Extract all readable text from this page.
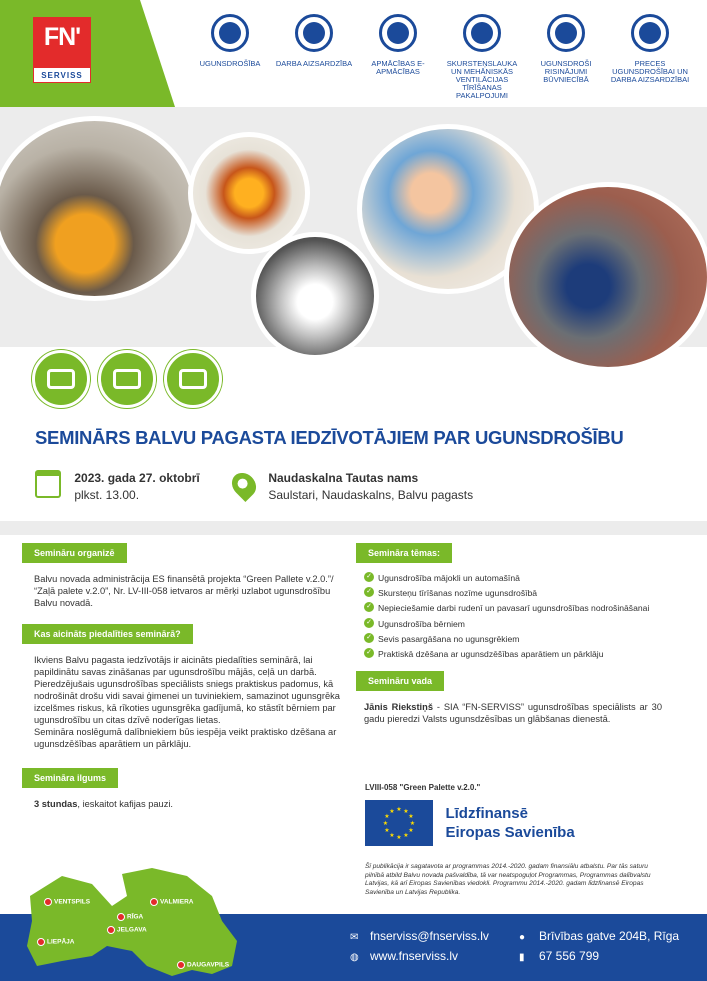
FN'
SERVISS
UGUNSDROŠĪBA	DARBA AIZSARDZĪBA	APMĀCĪBAS E-APMĀCĪBAS
SKURSTEŅSLAUKA UN MEHĀNISKĀS VENTILĀCIJAS TĪRĪŠANAS PAKALPOJUMI
UGUNSDROŠI RISINĀJUMI BŪVNIECĪBĀ
PRECES UGUNSDROŠĪBAI UN DARBA AIZSARDZĪBAI
SEMINĀRS BALVU PAGASTA IEDZĪVOTĀJIEM PAR UGUNSDROŠĪBU
2023. gada 27. oktobrī
plkst. 13.00.
Naudaskalna Tautas nams
Saulstari, Naudaskalns, Balvu pagasts
Semināru organizē

Balvu novada administrācija ES finansētā projekta “Green Pallete v.2.0.”/ “Zaļā palete v.2.0”, Nr. LV-III-058 ietvaros ar mērķi uzlabot ugunsdrošību Balvu novadā.

Kas aicināts piedalīties seminārā?

Ikviens Balvu pagasta iedzīvotājs ir aicināts piedalīties seminārā, lai papildinātu savas zināšanas par ugunsdrošību mājās, ceļā un darbā. Pieredzējušais ugunsdrošības speciālists sniegs praktiskus padomus, kā nodrošināt drošu vidi savai ģimenei un tuviniekiem, samazinot ugunsgrēka izcelšmes riskus, kā rīkoties ugunsgrēka gadījumā, ko stāstīt bērniem par ugunsdrošību un citas dzīvē noderīgas lietas.

Semināra noslēgumā dalībniekiem būs iespēja veikt praktisko dzēšana ar ugunsdzēšības aparātiem un pārklāju.

Semināra ilgums

3 stundas, ieskaitot kafijas pauzi.

Semināra tēmas:
✓ Ugunsdrošība mājokli un automašīnā
✓ Skursteņu tīrīšanas nozīme ugunsdrošībā
✓ Nepieciešamie darbi rudenī un pavasarī ugunsdrošības nodrošināšanai
✓ Ugunsdrošība bērniem
✓ Sevis pasargāšana no ugunsgrēkiem
✓ Praktiskā dzēšana ar ugunsdzēšības aparātiem un pārklāju
Semināru vada

Jānis Riekstiņš - SIA “FN-SERVISS” ugunsdrošības speciālists ar 30 gadu pieredzi Valsts ugunsdzēsības un glābšanas dienestā.

LVIII-058 "Green Palette v.2.0."
★ ★
★
★
★
★
★
★
★
★
★
★	Līdzfinansē
Eiropas Savienība

Šī publikācija ir sagatavota ar programmas 2014.-2020. gadam finansiālu atbalstu. Par tās saturu pilnībā atbild Balvu novada pašvaldība, tā var neatspoguļot Programmas, Programmas dalībvalstu Latvijas, kā arī Eiropas Savienības viedokli. Programmu 2014.-2020. gadam līdzfinansē Eiropas Savienība un Latvijas Republika.

VENTSPILS
RĪGA
VALMIERA
JELGAVA
LIEPĀJA
DAUGAVPILS
✉ fnserviss@fnserviss.lv
◍ www.fnserviss.lv
● Brīvības gatve 204B, Rīga
▮ 67 556 799
